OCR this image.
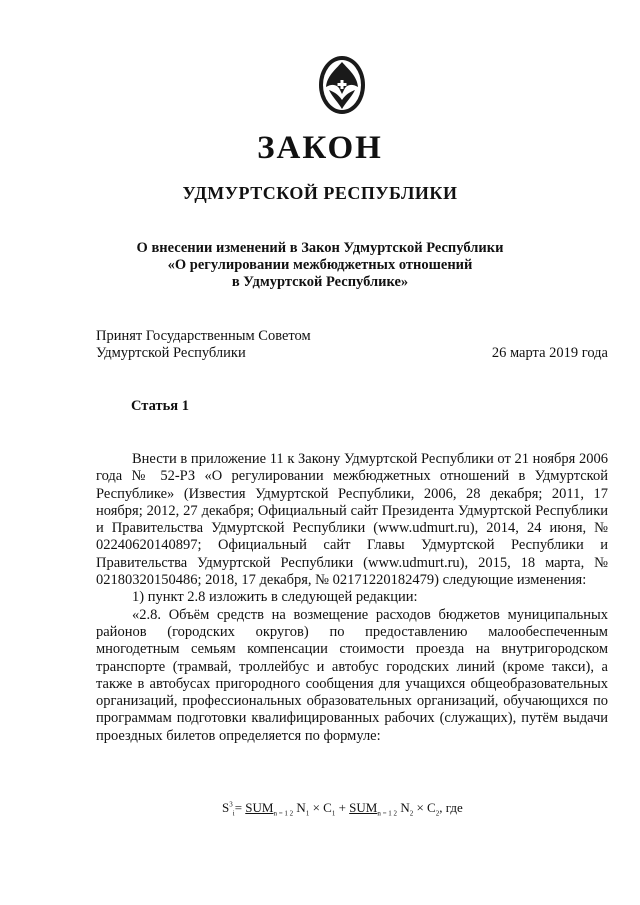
ЗАКОН
УДМУРТСКОЙ РЕСПУБЛИКИ
О внесении изменений в Закон Удмуртской Республики
«О регулировании межбюджетных отношений
в Удмуртской Республике»
Принят Государственным Советом
Удмуртской Республики	26 марта 2019 года
Статья 1

Внести в приложение 11 к Закону Удмуртской Республики от 21 ноября 2006 года № 52-РЗ «О регулировании межбюджетных отношений в Удмуртской Республике» (Известия Удмуртской Республики, 2006, 28 декабря; 2011, 17 ноября; 2012, 27 декабря; Официальный сайт Президента Удмуртской Республики и Правительства Удмуртской Республики (www.udmurt.ru), 2014, 24 июня, № 02240620140897; Официальный сайт Главы Удмуртской Республики и Правительства Удмуртской Республики (www.udmurt.ru), 2015, 18 марта, № 02180320150486; 2018, 17 декабря, № 02171220182479) следующие изменения:

1) пункт 2.8 изложить в следующей редакции:

«2.8. Объём средств на возмещение расходов бюджетов муниципальных районов (городских округов) по предоставлению малообеспеченным многодетным семьям компенсации стоимости проезда на внутригородском транспорте (трамвай, троллейбус и автобус городских линий (кроме такси), а также в автобусах пригородного сообщения для учащихся общеобразовательных организаций, профессиональных образовательных организаций, обучающихся по программам подготовки квалифицированных рабочих (служащих), путём выдачи проездных билетов определяется по формуле:

$S^3_i= SUM_{n = 1 2}$ $N_1 \times C_1 + SUM_{n = 1 2}$ $N_2 \times C_2$, где
